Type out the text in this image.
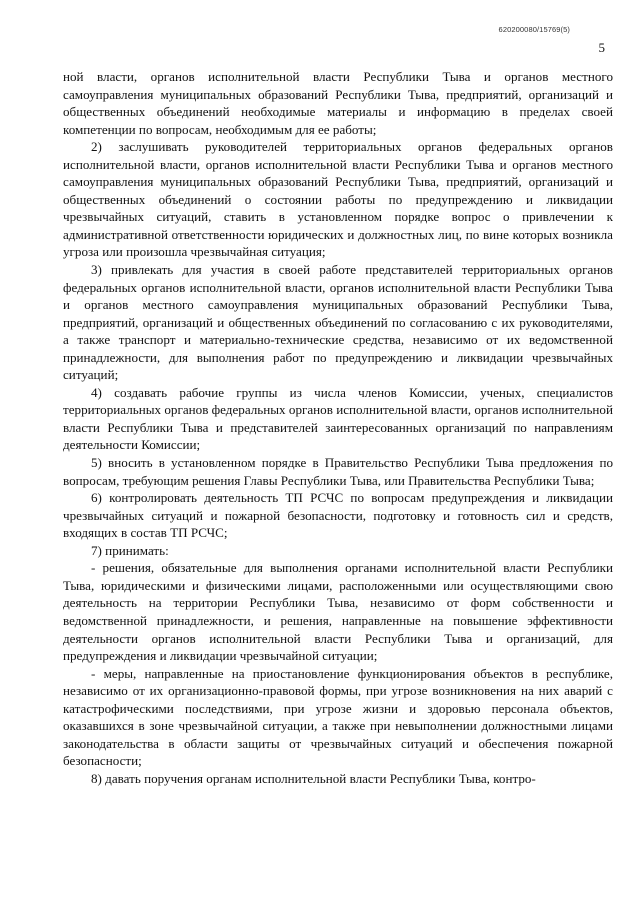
620200080/15769(5)
5

ной власти, органов исполнительной власти Республики Тыва и органов местного самоуправления муниципальных образований Республики Тыва, предприятий, организаций и общественных объединений необходимые материалы и информацию в пределах своей компетенции по вопросам, необходимым для ее работы;

2) заслушивать руководителей территориальных органов федеральных органов исполнительной власти, органов исполнительной власти Республики Тыва и органов местного самоуправления муниципальных образований Республики Тыва, предприятий, организаций и общественных объединений о состоянии работы по предупреждению и ликвидации чрезвычайных ситуаций, ставить в установленном порядке вопрос о привлечении к административной ответственности юридических и должностных лиц, по вине которых возникла угроза или произошла чрезвычайная ситуация;

3) привлекать для участия в своей работе представителей территориальных органов федеральных органов исполнительной власти, органов исполнительной власти Республики Тыва и органов местного самоуправления муниципальных образований Республики Тыва, предприятий, организаций и общественных объединений по согласованию с их руководителями, а также транспорт и материально-технические средства, независимо от их ведомственной принадлежности, для выполнения работ по предупреждению и ликвидации чрезвычайных ситуаций;

4) создавать рабочие группы из числа членов Комиссии, ученых, специалистов территориальных органов федеральных органов исполнительной власти, органов исполнительной власти Республики Тыва и представителей заинтересованных организаций по направлениям деятельности Комиссии;

5) вносить в установленном порядке в Правительство Республики Тыва предложения по вопросам, требующим решения Главы Республики Тыва, или Правительства Республики Тыва;

6) контролировать деятельность ТП РСЧС по вопросам предупреждения и ликвидации чрезвычайных ситуаций и пожарной безопасности, подготовку и готовность сил и средств, входящих в состав ТП РСЧС;

7) принимать:

- решения, обязательные для выполнения органами исполнительной власти Республики Тыва, юридическими и физическими лицами, расположенными или осуществляющими свою деятельность на территории Республики Тыва, независимо от форм собственности и ведомственной принадлежности, и решения, направленные на повышение эффективности деятельности органов исполнительной власти Республики Тыва и организаций, для предупреждения и ликвидации чрезвычайной ситуации;

- меры, направленные на приостановление функционирования объектов в республике, независимо от их организационно-правовой формы, при угрозе возникновения на них аварий с катастрофическими последствиями, при угрозе жизни и здоровью персонала объектов, оказавшихся в зоне чрезвычайной ситуации, а также при невыполнении должностными лицами законодательства в области защиты от чрезвычайных ситуаций и обеспечения пожарной безопасности;

8) давать поручения органам исполнительной власти Республики Тыва, контро-
